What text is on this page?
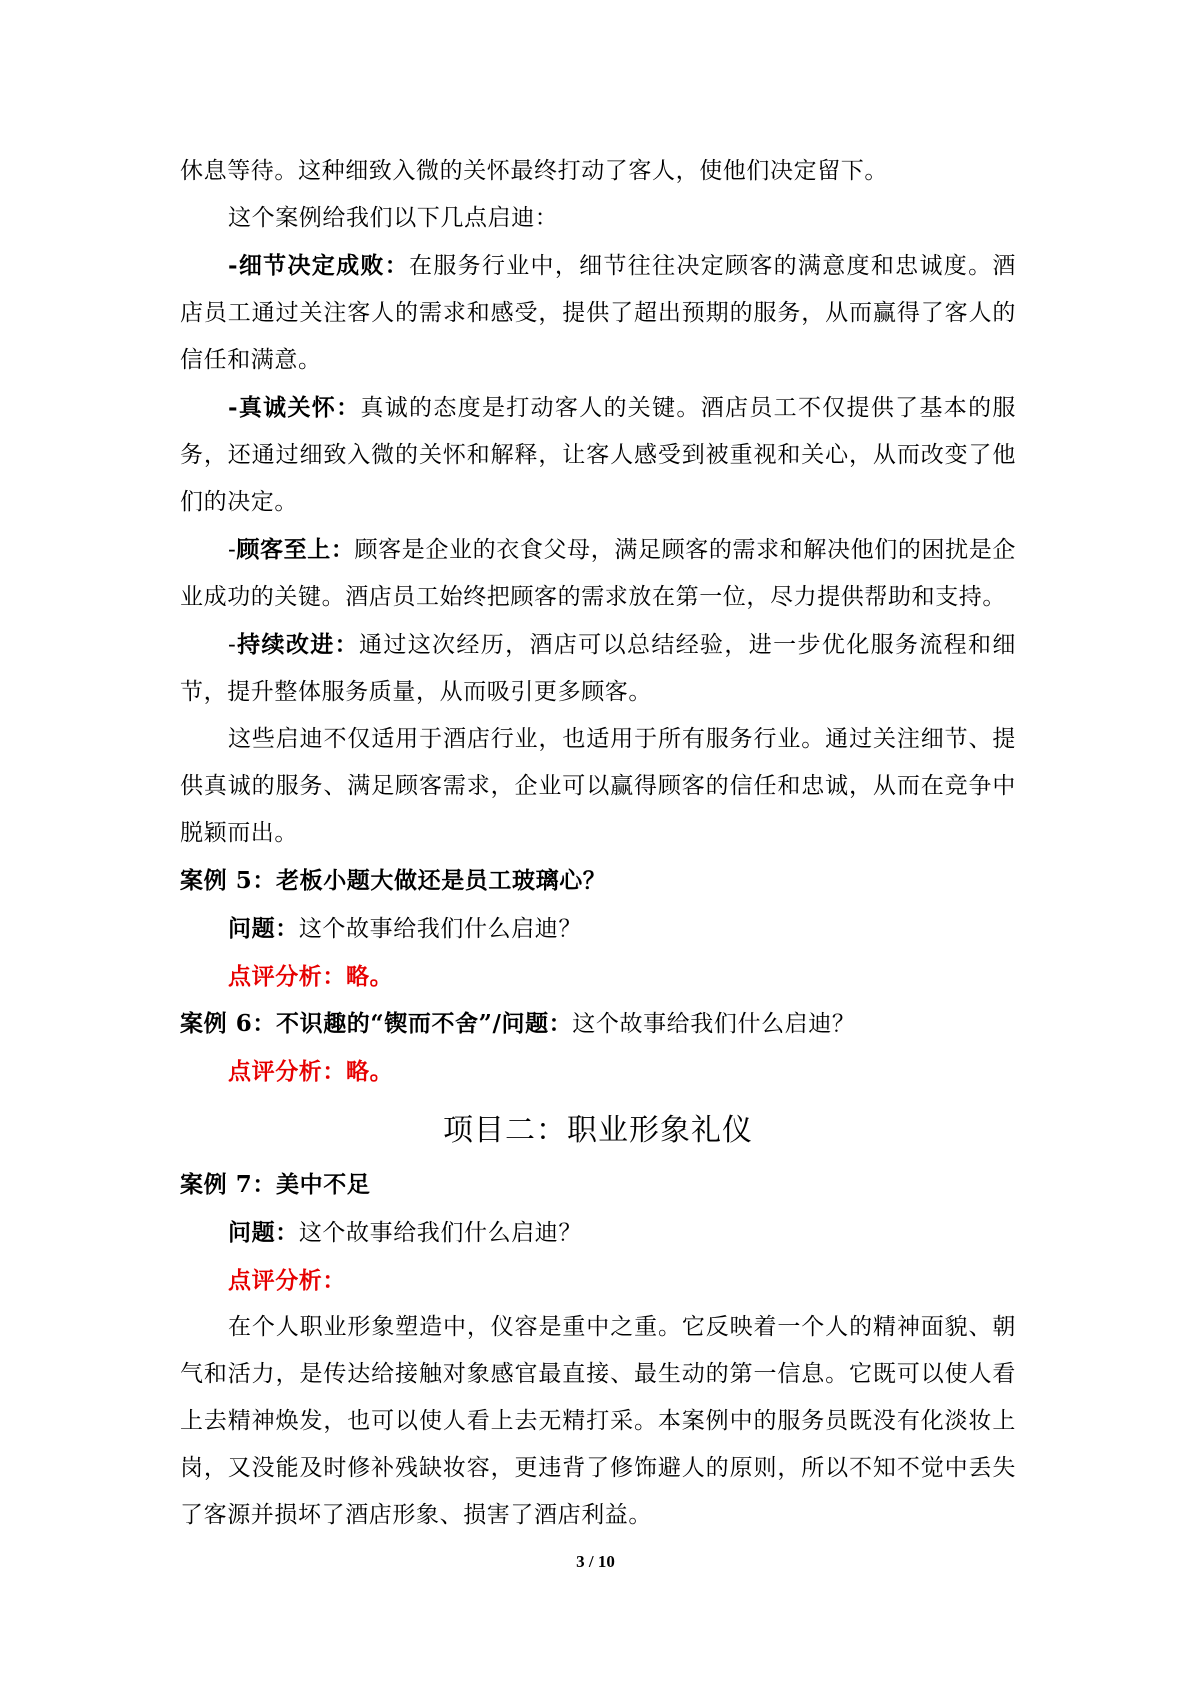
休息等待。这种细致入微的关怀最终打动了客人，使他们决定留下。

这个案例给我们以下几点启迪：

-细节决定成败：在服务行业中，细节往往决定顾客的满意度和忠诚度。酒店员工通过关注客人的需求和感受，提供了超出预期的服务，从而赢得了客人的信任和满意。

-真诚关怀：真诚的态度是打动客人的关键。酒店员工不仅提供了基本的服务，还通过细致入微的关怀和解释，让客人感受到被重视和关心，从而改变了他们的决定。

-顾客至上：顾客是企业的衣食父母，满足顾客的需求和解决他们的困扰是企业成功的关键。酒店员工始终把顾客的需求放在第一位，尽力提供帮助和支持。

-持续改进：通过这次经历，酒店可以总结经验，进一步优化服务流程和细节，提升整体服务质量，从而吸引更多顾客。

这些启迪不仅适用于酒店行业，也适用于所有服务行业。通过关注细节、提供真诚的服务、满足顾客需求，企业可以赢得顾客的信任和忠诚，从而在竞争中脱颖而出。

案例 5：老板小题大做还是员工玻璃心？

问题：这个故事给我们什么启迪？

点评分析：略。

案例 6：不识趣的“锲而不舍”/问题：这个故事给我们什么启迪？

点评分析：略。

项目二：职业形象礼仪

案例 7：美中不足

问题：这个故事给我们什么启迪？

点评分析：

在个人职业形象塑造中，仪容是重中之重。它反映着一个人的精神面貌、朝气和活力，是传达给接触对象感官最直接、最生动的第一信息。它既可以使人看上去精神焕发，也可以使人看上去无精打采。本案例中的服务员既没有化淡妆上岗，又没能及时修补残缺妆容，更违背了修饰避人的原则，所以不知不觉中丢失了客源并损坏了酒店形象、损害了酒店利益。

3 / 10
